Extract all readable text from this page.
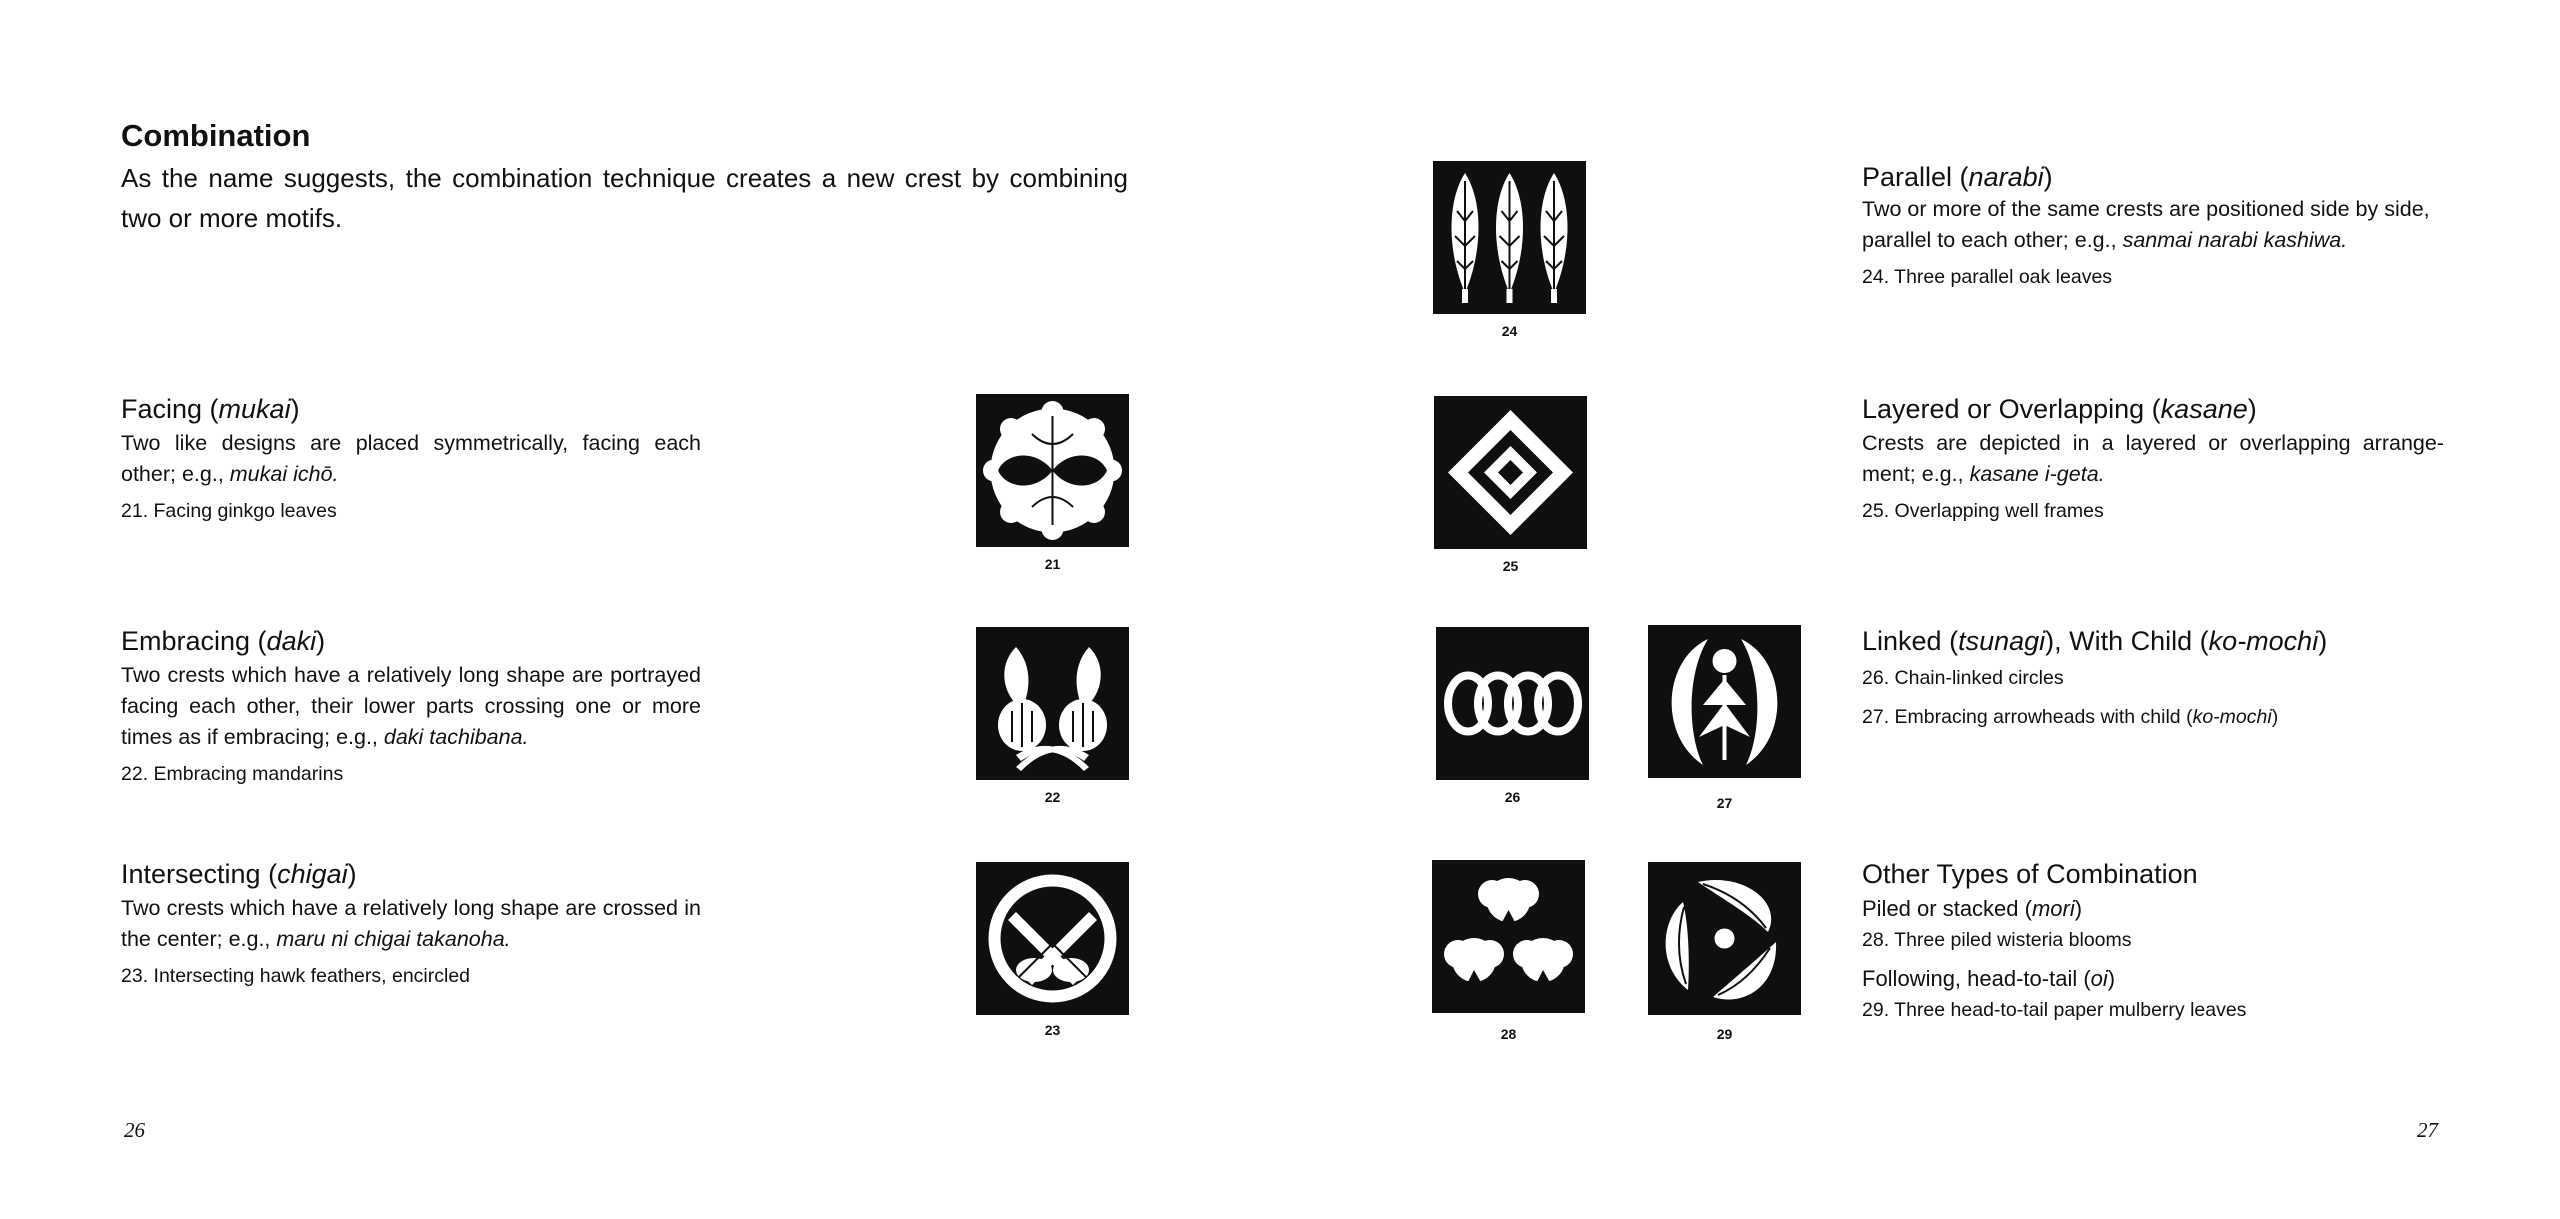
Combination
As the name suggests, the combination technique creates a new crest by combining two or more motifs.
Facing (mukai)
Two like designs are placed symmetrically, facing each other; e.g., mukai ichō.
21. Facing ginkgo leaves
Embracing (daki)
Two crests which have a relatively long shape are portrayed facing each other, their lower parts crossing one or more times as if embracing; e.g., daki tachibana.
22. Embracing mandarins
Intersecting (chigai)
Two crests which have a relatively long shape are crossed in the center; e.g., maru ni chigai takanoha.
23. Intersecting hawk feathers, encircled
21
22
23
26
Parallel (narabi)
Two or more of the same crests are positioned side by side, parallel to each other; e.g., sanmai narabi kashiwa.
24. Three parallel oak leaves
Layered or Overlapping (kasane)
Crests are depicted in a layered or overlapping arrange-ment; e.g., kasane i-geta.
25. Overlapping well frames
Linked (tsunagi), With Child (ko-mochi)
26. Chain-linked circles
27. Embracing arrowheads with child (ko-mochi)
Other Types of Combination
Piled or stacked (mori)
28. Three piled wisteria blooms
Following, head-to-tail (oi)
29. Three head-to-tail paper mulberry leaves
24
25
26	27
28	29
27
